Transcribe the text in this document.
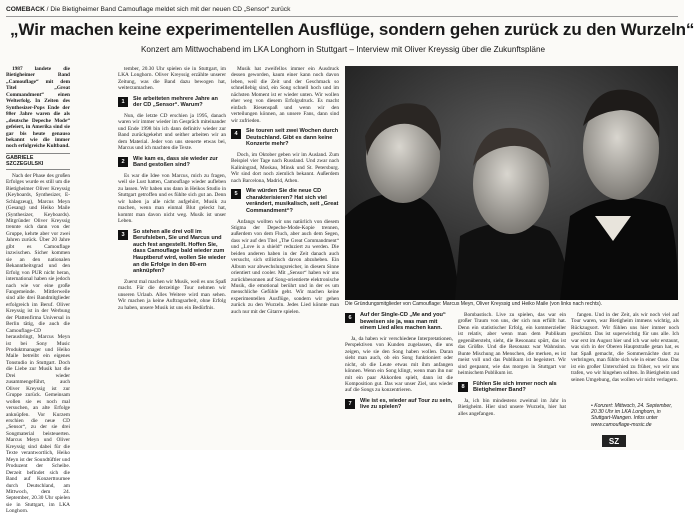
COMEBACK / Die Bietigheimer Band Camouflage meldet sich mit der neuen CD „Sensor“ zurück
„Wir machen keine experimentellen Ausflüge, sondern gehen zurück zu den Wurzeln“
Konzert am Mittwochabend im LKA Longhorn in Stuttgart – Interview mit Oliver Kreyssig über die Zukunftspläne

1987 landete die Bietigheimer Band „Camouflage“ mit dem Titel „Great Commandment“ einen Welterfolg. In Zeiten des Synthesizer-Pops Ende der 80er Jahre waren die als „deutsche Depeche Mode“ gefeiert, in Amerika sind sie gar bis heute genauso bekannt wie die immer noch erfolgreiche Kultband.

GABRIELE SZCZEGULSKI

Nach der Phase des großen Erfolges wurde es still um die Bietigheimer Oliver Kreyssig (Keyboards, Synthesizer, E-Schlagzeug), Marcus Meyn (Gesang) und Heiko Maile (Synthesizer, Keyboards). Mitgründer Oliver Kreyssig trennte sich dann von der Gruppe, kehrte aber vor zwei Jahren zurück. Über 20 Jahre gibt es Camouflage inzwischen. Sicher kommen sie an den nationalen Bekanntheitsgrad und den Erfolg von PUR nicht heran, international haben sie jedoch nach wie vor eine große Fangemeinde. Mittlerweile sind alle drei Bandmitglieder erfolgreich im Beruf. Oliver Kreyssig ist in der Werbung der Plattenfirma Universal in Berlin tätig, die auch die Camouflage-CD herausbringt, Marcus Meyn ist bei Sony Music Produktmanager und Heiko Maile betreibt ein eigenes Tonstudio in Stuttgart. Doch die Liebe zur Musik hat die Drei wieder zusammengeführt, auch Oliver Kreyssig ist zur Gruppe zurück. Gemeinsam wollen sie es noch mal versuchen, an alte Erfolge anknüpfen. Vor Kurzem erschien die neue CD „Sensor“, zu der sie drei Songmaterial beisteuerten. Marcus Meyn und Oliver Kreyssig sind dabei für die Texte verantwortlich, Heiko Meyn ist der Soundtüftler und Produzent der Scheibe. Derzeit befindet sich die Band auf Konzerttournee durch Deutschland, am Mittwoch, dem 24. September, 20.30 Uhr spielen sie in Stuttgart, im LKA Longhorn.

tember, 20.30 Uhr spielen sie in Stuttgart, im LKA Longhorn. Oliver Kreyssig erzählte unserer Zeitung, was die Band dazu bewogen hat, weiterzumachen.

1	Sie arbeiteten mehrere Jahre an der CD „Sensor“. Warum?

Nun, die letzte CD erschien ja 1995, danach waren wir immer wieder im Gespräch miteinander und Ende 1998 bin ich dann definitiv wieder zur Band zurückgekehrt und seither arbeiten wir an dem Material. Jeder von uns steuerte etwas bei, Marcus und ich machten die Texte.

2	Wie kam es, dass sie wieder zur Band gestoßen sind?

Es war die Idee von Marcus, mich zu fragen, weil sie Lust hatten, Camouflage wieder aufleben zu lassen. Wir haben uns dann in Heikos Studio in Stuttgart getroffen und es fühlte sich gut an. Denn wir haben ja alle nicht aufgehört, Musik zu machen, wenn man einmal Blut geleckt hat, kommt man davon nicht weg. Musik ist unser Leben.

3	So stehen alle drei voll im Berufsleben, Sie und Marcus und auch fest angestellt. Hoffen Sie, dass Camouflage bald wieder zum Hauptberuf wird, wollen Sie wieder an die Erfolge in den 80-ern anknüpfen?

Zuerst mal machen wir Musik, weil es uns Spaß macht. Für die derzeitige Tour nehmen wir unseren Urlaub. Alles Weitere wird man sehen. Wir machen ja keine Auftragsarbeit, ohne Erfolg zu haben, unsere Musik ist uns ein Bedürfnis.

Musik hat zweifellos immer ein Ausdruck dessen geworden, kaum einer kann noch davon leben, weil die Zeit und der Geschmack so schnelllebig sind, ein Song schnell hoch und im nächsten Moment ist er wieder unten. Wir wollen eher weg von diesem Erfolgsdruck. Es macht einfach Riesenspaß und wenn wir den verteilungen können, an unsere Fans, dann sind wir zufrieden.

4	Sie touren seit zwei Wochen durch Deutschland. Gibt es dann keine Konzerte mehr?

Doch, im Oktober geben wir im Ausland. Zum Beispiel vier Tage nach Russland. Und zwar nach Kaliningrad, Moskau, Minsk und St. Petersburg. Wir sind dort noch ziemlich bekannt. Außerdem nach Barcelona, Madrid, Athen.

5	Wie würden Sie die neue CD charakterisieren? Hat sich viel verändert, musikalisch, seit „Great Commandment“?

Anfangs wollten wir uns natürlich von diesem Stigma der Depeche-Mode-Kopie trennen, außerdem von dem Fluch, aber auch dem Segen, dass wir auf den Titel „The Great Commandment“ und „Love is a shield“ reduziert zu werden. Die beiden anderen haben in der Zeit danach auch versucht, sich stilistisch davon abzuheben. Ein Album war abwechslungsreicher, in diesem Sinne orientiert und cooler. Mit „Sensor“ haben wir uns zurückbesonnen auf Song-orientierte elektronische Musik, die emotional berührt und in der es um menschliche Gefühle geht. Wir machen keine experimentellen Ausflüge, sondern wir gehen zurück zu den Wurzeln. Jedes Lied könnte man auch nur mit der Gitarre spielen.

Die Gründungsmitglieder von Camouflage: Marcus Meyn, Oliver Kreyssig und Heiko Maile (von links nach rechts).
6	Auf der Single-CD „Me and you“ beweisen sie ja, was man mit einem Lied alles machen kann.

Ja, da haben wir verschiedene Interpretationen, Perspektiven von Kunden zugelassen, die uns zeigen, wie sie den Song haben wollen. Daran sieht man auch, ob ein Song funktioniert oder nicht, ob die Leute etwas mit ihm anfangen können. Wenn ein Song klingt, wenn man ihn nur mit ein paar Akkorden spielt, dann ist die Komposition gut. Das war unser Ziel, uns wieder auf die Songs zu konzentrieren.

7	Wie ist es, wieder auf Tour zu sein, live zu spielen?

Bombastisch. Live zu spielen, das war ein großer Traum von uns, der sich nun erfüllt hat. Denn ein statistischer Erfolg, ein kommerzieller ist relativ, aber wenn man dem Publikum gegenübersteht, sieht, die Resonanz spürt, das ist das Größte. Und die Resonanz war Wahnsinn. Bunte Mischung an Menschen, die merken, es ist meist voll und das Publikum ist begeistert. Wir sind gespannt, wie das morgen in Stuttgart vor heimischem Publikum ist.

8	Fühlen Sie sich immer noch als Bietigheimer Band?

Ja, ich bin mindestens zweimal im Jahr in Bietigheim. Hier sind unsere Wurzeln, hier hat alles angefangen.

fangen. Und in der Zeit, als wir noch viel auf Tour waren, war Bietigheim immens wichtig, als Rückzugsort. Wir fühlen uns hier immer noch geschützt. Das ist superwichtig für uns alle. Ich war erst im August hier und ich war sehr erstaunt, was sich in der Oberen Hauptstraße getan hat, es hat Spaß gemacht, die Sommernächte dort zu verbringen, man fühlte sich wie in einer Oase. Das ist ein großer Unterschied zu früher, wo wir uns trafen, wo wir hingehen sollten. In Bietigheim und seinen Umgebung, das wollen wir nicht verlagern.

• Konzert: Mittwoch, 24. September, 20.30 Uhr im LKA Longhorn, in Stuttgart-Wangen. Infos unter www.camouflage-music.de
SZ
